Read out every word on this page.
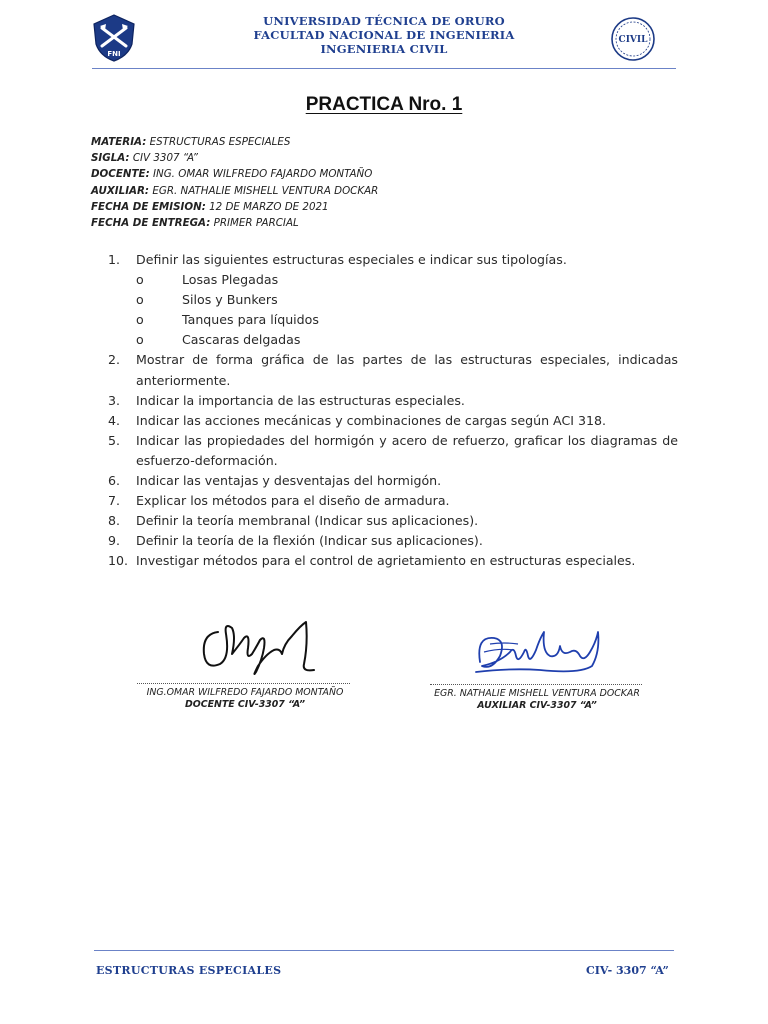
FNI
UNIVERSIDAD TÉCNICA DE ORURO
FACULTAD NACIONAL DE INGENIERIA
INGENIERIA CIVIL
CIVIL
PRACTICA Nro. 1
MATERIA: ESTRUCTURAS ESPECIALES
SIGLA: CIV 3307 “A”
DOCENTE: ING. OMAR WILFREDO FAJARDO MONTAÑO
AUXILIAR: EGR. NATHALIE MISHELL VENTURA DOCKAR
FECHA DE EMISION: 12 DE MARZO DE 2021
FECHA DE ENTREGA: PRIMER PARCIAL
1.	Definir las siguientes estructuras especiales e indicar sus tipologías.
o	Losas Plegadas
o	Silos y Bunkers
o	Tanques para líquidos
o	Cascaras delgadas
2.	Mostrar de forma gráfica de las partes de las estructuras especiales, indicadas anteriormente.
3.	Indicar la importancia de las estructuras especiales.
4.	Indicar las acciones mecánicas y combinaciones de cargas según ACI 318.
5.	Indicar las propiedades del hormigón y acero de refuerzo, graficar los diagramas de esfuerzo-deformación.
6.	Indicar las ventajas y desventajas del hormigón.
7.	Explicar los métodos para el diseño de armadura.
8.	Definir la teoría membranal (Indicar sus aplicaciones).
9.	Definir la teoría de la flexión (Indicar sus aplicaciones).
10. Investigar métodos para el control de agrietamiento en estructuras especiales.
ING.OMAR WILFREDO FAJARDO MONTAÑO
DOCENTE CIV-3307 “A”
EGR. NATHALIE MISHELL VENTURA DOCKAR
AUXILIAR CIV-3307 “A”
ESTRUCTURAS ESPECIALES	CIV- 3307 “A”
